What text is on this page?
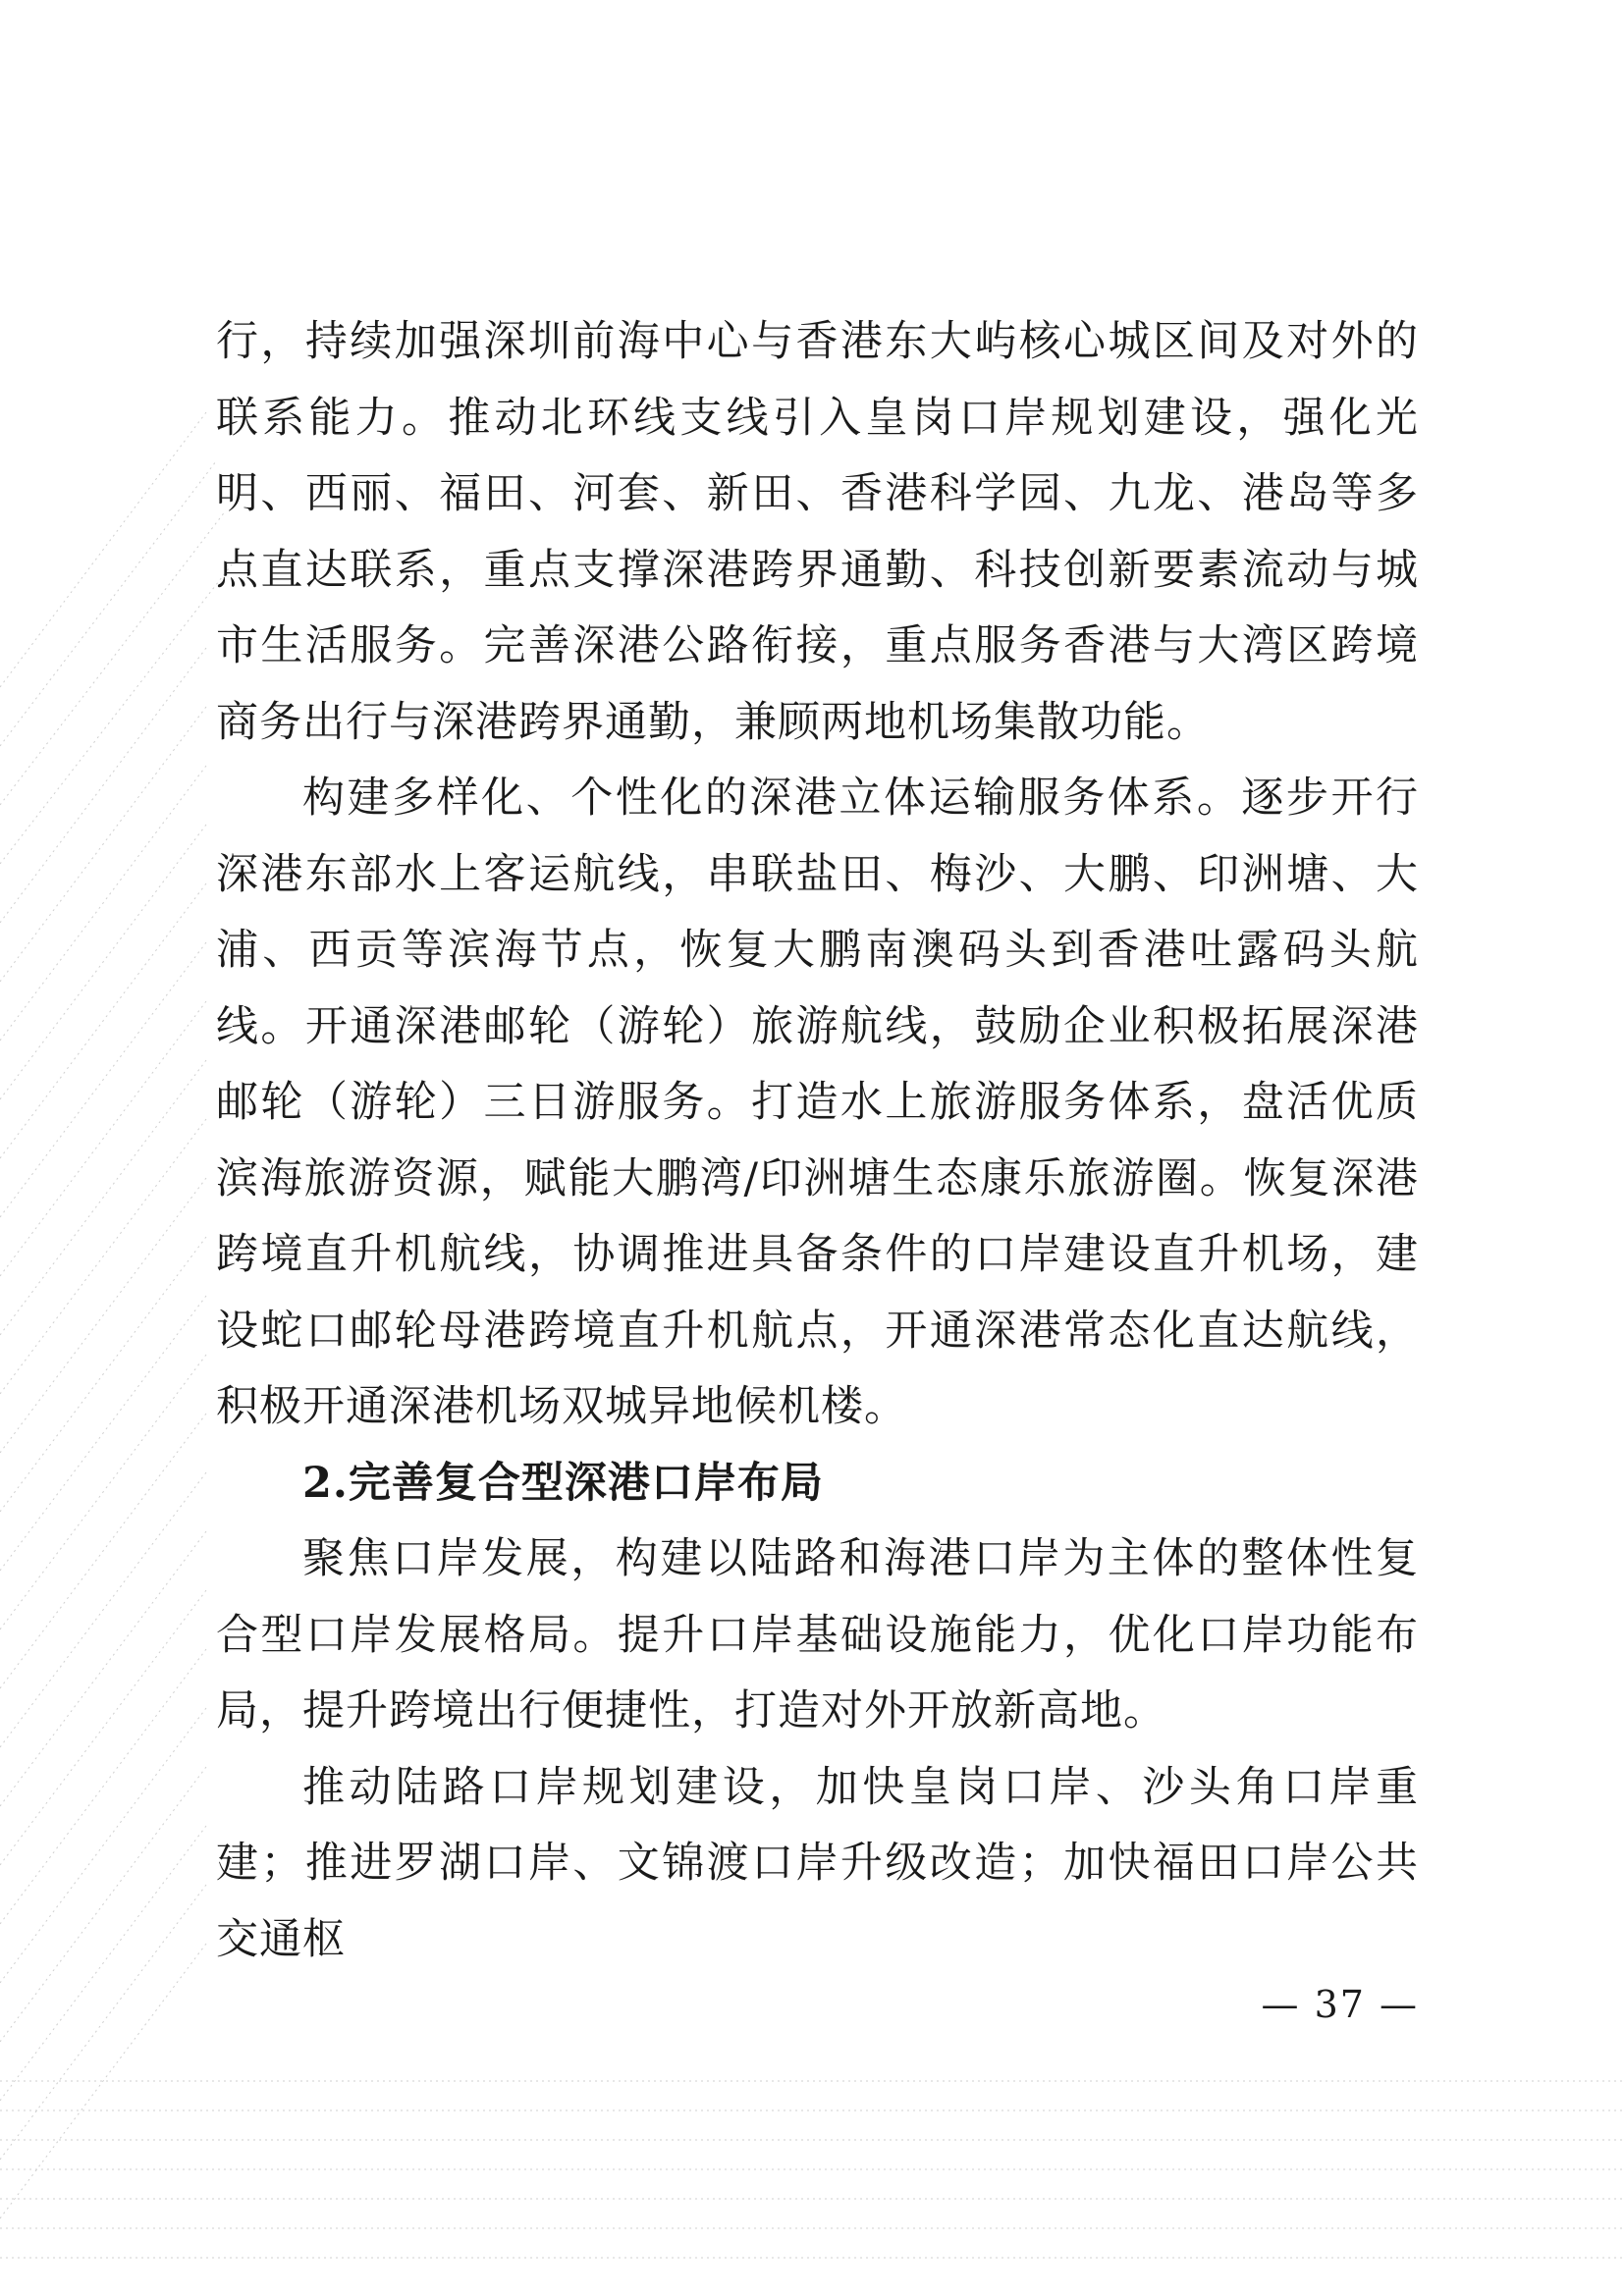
行，持续加强深圳前海中心与香港东大屿核心城区间及对外的联系能力。推动北环线支线引入皇岗口岸规划建设，强化光明、西丽、福田、河套、新田、香港科学园、九龙、港岛等多点直达联系，重点支撑深港跨界通勤、科技创新要素流动与城市生活服务。完善深港公路衔接，重点服务香港与大湾区跨境商务出行与深港跨界通勤，兼顾两地机场集散功能。

构建多样化、个性化的深港立体运输服务体系。逐步开行深港东部水上客运航线，串联盐田、梅沙、大鹏、印洲塘、大浦、西贡等滨海节点，恢复大鹏南澳码头到香港吐露码头航线。开通深港邮轮（游轮）旅游航线，鼓励企业积极拓展深港邮轮（游轮）三日游服务。打造水上旅游服务体系，盘活优质滨海旅游资源，赋能大鹏湾/印洲塘生态康乐旅游圈。恢复深港跨境直升机航线，协调推进具备条件的口岸建设直升机场，建设蛇口邮轮母港跨境直升机航点，开通深港常态化直达航线，积极开通深港机场双城异地候机楼。

2.完善复合型深港口岸布局

聚焦口岸发展，构建以陆路和海港口岸为主体的整体性复合型口岸发展格局。提升口岸基础设施能力，优化口岸功能布局，提升跨境出行便捷性，打造对外开放新高地。

推动陆路口岸规划建设，加快皇岗口岸、沙头角口岸重建；推进罗湖口岸、文锦渡口岸升级改造；加快福田口岸公共交通枢

— 37 —
